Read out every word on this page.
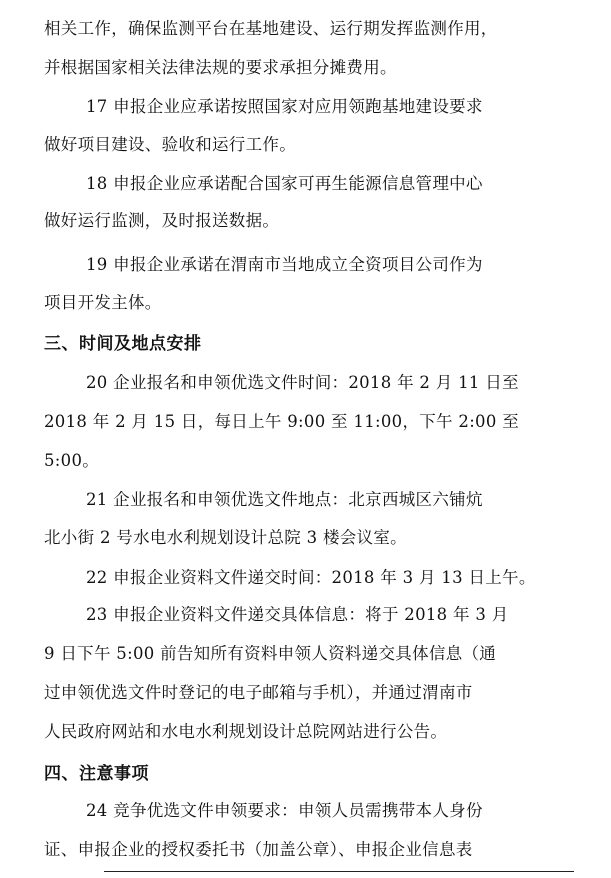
相关工作，确保监测平台在基地建设、运行期发挥监测作用，
并根据国家相关法律法规的要求承担分摊费用。
17 申报企业应承诺按照国家对应用领跑基地建设要求
做好项目建设、验收和运行工作。
18 申报企业应承诺配合国家可再生能源信息管理中心
做好运行监测，及时报送数据。
19 申报企业承诺在渭南市当地成立全资项目公司作为
项目开发主体。
三、时间及地点安排
20 企业报名和申领优选文件时间：2018 年 2 月 11 日至
2018 年 2 月 15 日，每日上午 9:00 至 11:00，下午 2:00 至
5:00。
21 企业报名和申领优选文件地点：北京西城区六铺炕
北小街 2 号水电水利规划设计总院 3 楼会议室。
22 申报企业资料文件递交时间：2018 年 3 月 13 日上午。
23 申报企业资料文件递交具体信息：将于 2018 年 3 月
9 日下午 5:00 前告知所有资料申领人资料递交具体信息（通
过申领优选文件时登记的电子邮箱与手机），并通过渭南市
人民政府网站和水电水利规划设计总院网站进行公告。
四、注意事项
24 竞争优选文件申领要求：申领人员需携带本人身份
证、申报企业的授权委托书（加盖公章）、申报企业信息表
